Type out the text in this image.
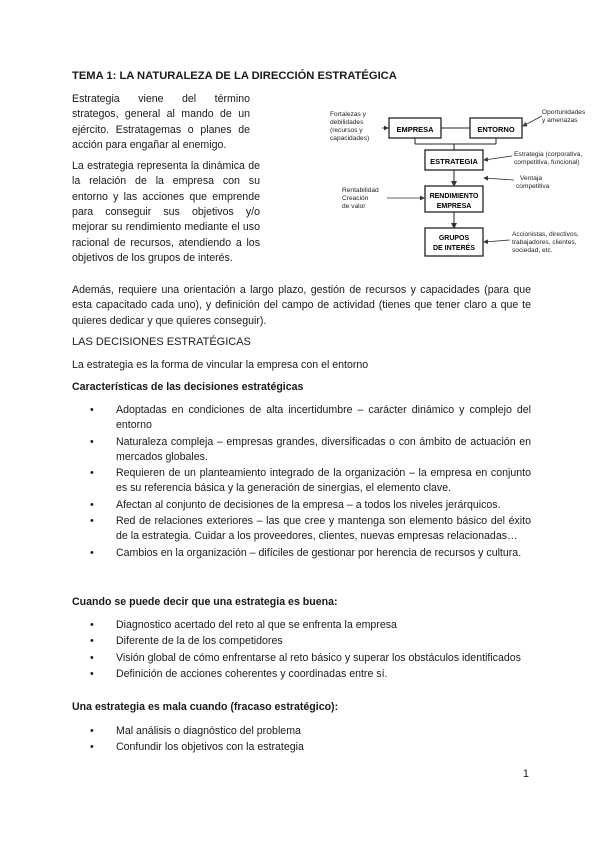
TEMA 1: LA NATURALEZA DE LA DIRECCIÓN ESTRATÉGICA

Estrategia viene del término strategos, general al mando de un ejército. Estratagemas o planes de acción para engañar al enemigo.

La estrategia representa la dinámica de la relación de la empresa con su entorno y las acciones que emprende para conseguir sus objetivos y/o mejorar su rendimiento mediante el uso racional de recursos, atendiendo a los objetivos de los grupos de interés.

EMPRESA	ENTORNO
ESTRATEGIA
RENDIMIENTO
EMPRESA
GRUPOS
DE INTERÉS
Fortalezas y
debilidades
(recursos y
capacidades)
Oportunidades
y amenazas
Estrategia (corporativa,
competitiva, funcional)
Ventaja
competitiva
Rentabilidad
Creación
de valor
Accionistas, directivos,
trabajadores, clientes,
sociedad, etc.

Además, requiere una orientación a largo plazo, gestión de recursos y capacidades (para que esta capacitado cada uno), y definición del campo de actividad (tienes que tener claro a que te quieres dedicar y que quieres conseguir).

LAS DECISIONES ESTRATÉGICAS

La estrategia es la forma de vincular la empresa con el entorno

Características de las decisiones estratégicas

• Adoptadas en condiciones de alta incertidumbre – carácter dinámico y complejo del entorno
• Naturaleza compleja – empresas grandes, diversificadas o con ámbito de actuación en mercados globales.
• Requieren de un planteamiento integrado de la organización – la empresa en conjunto es su referencia básica y la generación de sinergias, el elemento clave.
• Afectan al conjunto de decisiones de la empresa – a todos los niveles jerárquicos.
• Red de relaciones exteriores – las que cree y mantenga son elemento básico del éxito de la estrategia. Cuidar a los proveedores, clientes, nuevas empresas relacionadas…
• Cambios en la organización – difíciles de gestionar por herencia de recursos y cultura.

Cuando se puede decir que una estrategia es buena:

• Diagnostico acertado del reto al que se enfrenta la empresa
• Diferente de la de los competidores
• Visión global de cómo enfrentarse al reto básico y superar los obstáculos identificados
• Definición de acciones coherentes y coordinadas entre sí.

Una estrategia es mala cuando (fracaso estratégico):

• Mal análisis o diagnóstico del problema
• Confundir los objetivos con la estrategia
1
